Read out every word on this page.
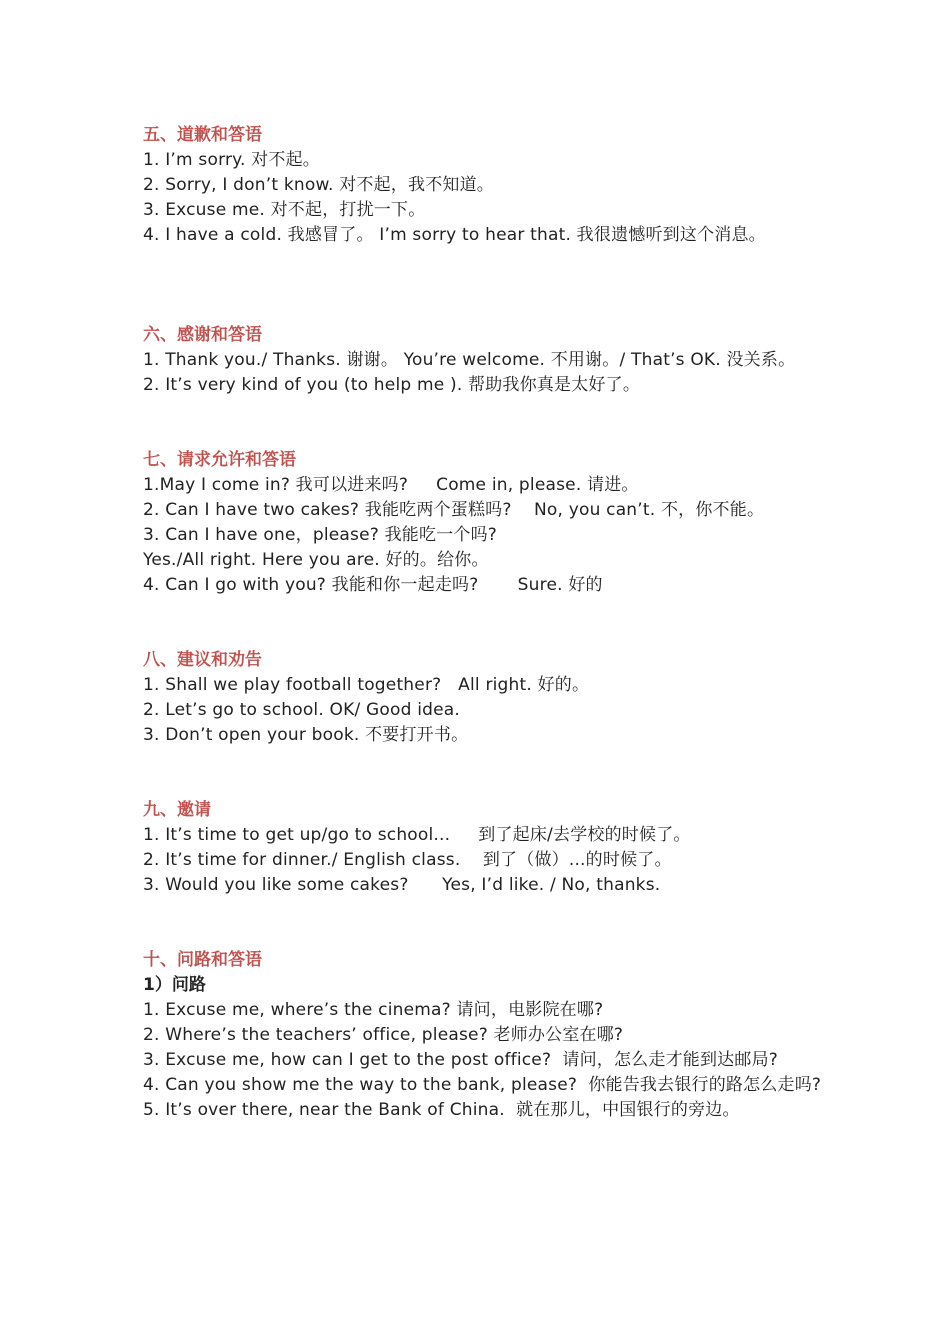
五、道歉和答语
1. I’m sorry. 对不起。
2. Sorry, I don’t know. 对不起，我不知道。
3. Excuse me. 对不起，打扰一下。
4. I have a cold. 我感冒了。 I’m sorry to hear that. 我很遗憾听到这个消息。
六、感谢和答语
1. Thank you./ Thanks. 谢谢。 You’re welcome. 不用谢。/ That’s OK. 没关系。
2. It’s very kind of you (to help me ). 帮助我你真是太好了。
七、请求允许和答语
1.May I come in? 我可以进来吗?     Come in, please. 请进。
2. Can I have two cakes? 我能吃两个蛋糕吗?    No, you can’t. 不，你不能。
3. Can I have one，please? 我能吃一个吗?
Yes./All right. Here you are. 好的。给你。
4. Can I go with you? 我能和你一起走吗?       Sure. 好的
八、建议和劝告
1. Shall we play football together?   All right. 好的。
2. Let’s go to school. OK/ Good idea.
3. Don’t open your book. 不要打开书。
九、邀请
1. It’s time to get up/go to school...     到了起床/去学校的时候了。
2. It’s time for dinner./ English class.    到了（做）...的时候了。
3. Would you like some cakes?      Yes, I’d like. / No, thanks.
十、问路和答语
1）问路
1. Excuse me, where’s the cinema? 请问，电影院在哪?
2. Where’s the teachers’ office, please? 老师办公室在哪?
3. Excuse me, how can I get to the post office?  请问，怎么走才能到达邮局?
4. Can you show me the way to the bank, please?  你能告我去银行的路怎么走吗?
5. It’s over there, near the Bank of China.  就在那儿，中国银行的旁边。
